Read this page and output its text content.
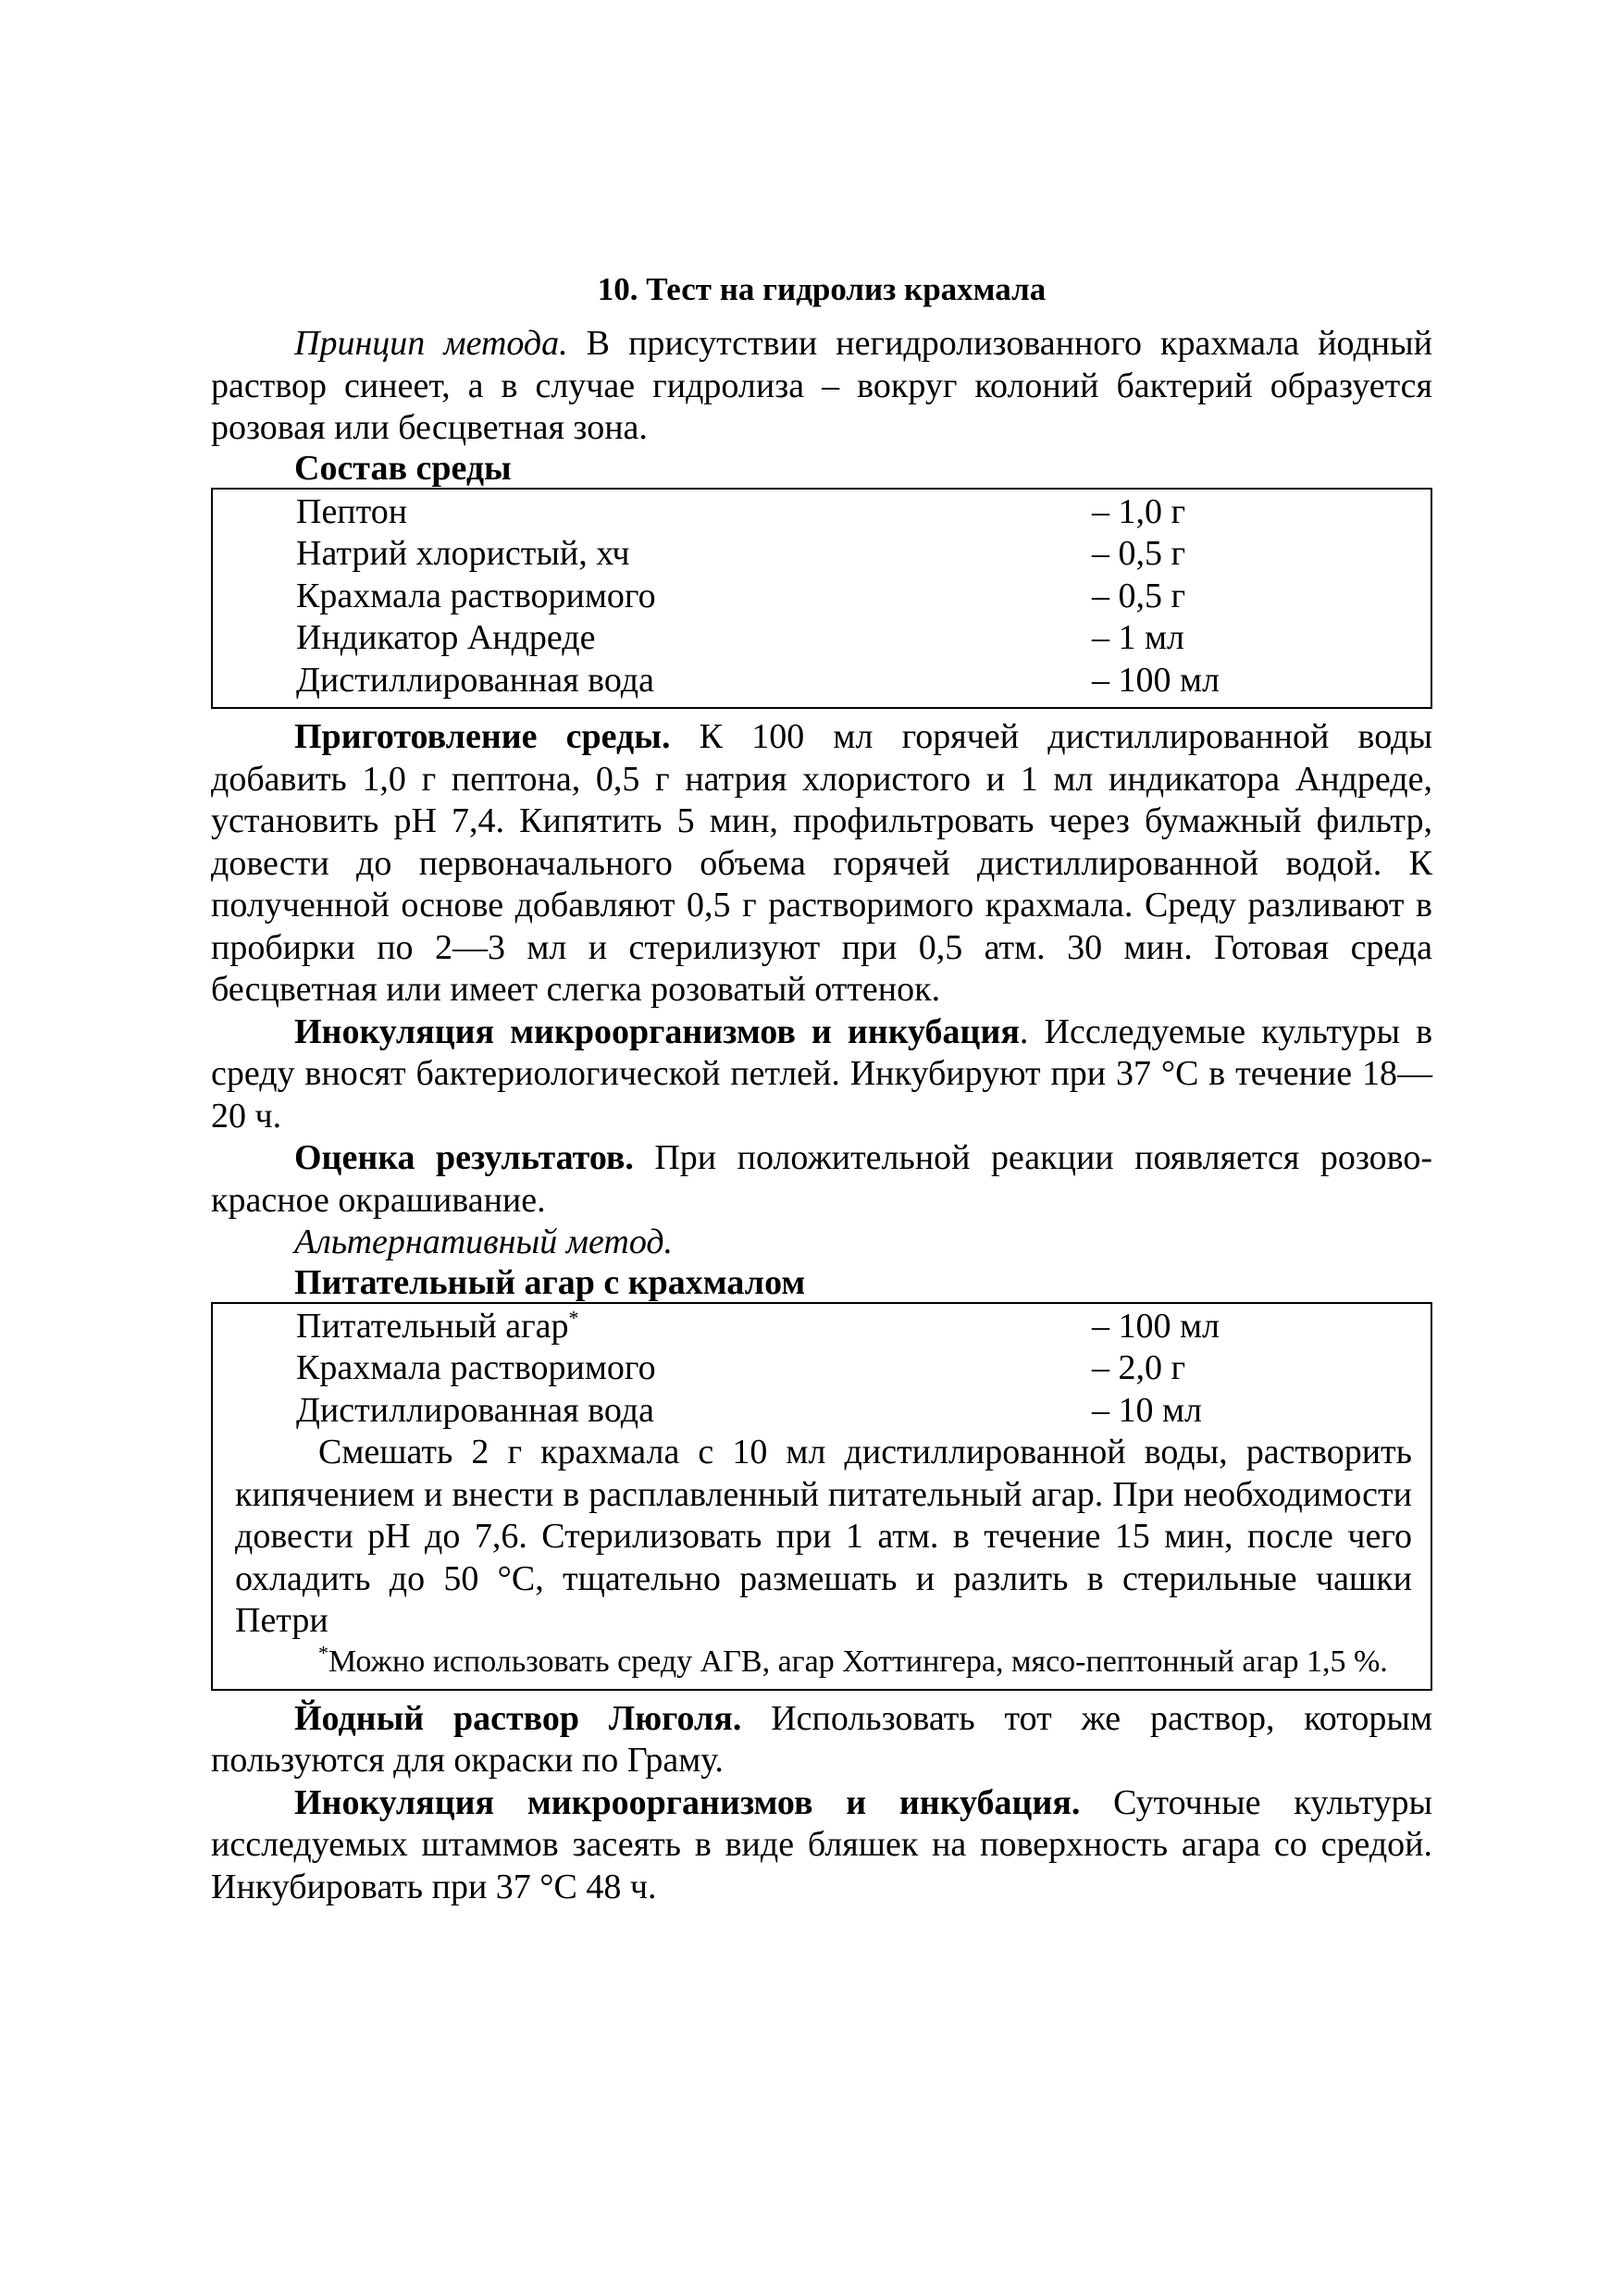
10. Тест на гидролиз крахмала

Принцип метода. В присутствии негидролизованного крахмала йодный раствор синеет, а в случае гидролиза – вокруг колоний бактерий образуется розовая или бесцветная зона.

Состав среды

Пептон	– 1,0 г
Натрий хлористый, хч	– 0,5 г
Крахмала растворимого	– 0,5 г
Индикатор Андреде	– 1 мл
Дистиллированная вода	– 100 мл

Приготовление среды. К 100 мл горячей дистиллированной воды добавить 1,0 г пептона, 0,5 г натрия хлористого и 1 мл индикатора Андреде, установить pH 7,4. Кипятить 5 мин, профильтровать через бумажный фильтр, довести до первоначального объема горячей дистиллированной водой. К полученной основе добавляют 0,5 г растворимого крахмала. Среду разливают в пробирки по 2—3 мл и стерилизуют при 0,5 атм. 30 мин. Готовая среда бесцветная или имеет слегка розоватый оттенок.

Инокуляция микроорганизмов и инкубация. Исследуемые культуры в среду вносят бактериологической петлей. Инкубируют при 37 °С в течение 18—20 ч.

Оценка результатов. При положительной реакции появляется розово-красное окрашивание.

Альтернативный метод.

Питательный агар с крахмалом

Питательный агар*	– 100 мл
Крахмала растворимого	– 2,0 г
Дистиллированная вода	– 10 мл

Смешать 2 г крахмала с 10 мл дистиллированной воды, растворить кипячением и внести в расплавленный питательный агар. При необходимости довести pH до 7,6. Стерилизовать при 1 атм. в течение 15 мин, после чего охладить до 50 °С, тщательно размешать и разлить в стерильные чашки Петри

*Можно использовать среду АГВ, агар Хоттингера, мясо-пептонный агар 1,5 %.

Йодный раствор Люголя. Использовать тот же раствор, которым пользуются для окраски по Граму.

Инокуляция микроорганизмов и инкубация. Суточные культуры исследуемых штаммов засеять в виде бляшек на поверхность агара со средой. Инкубировать при 37 °С 48 ч.
